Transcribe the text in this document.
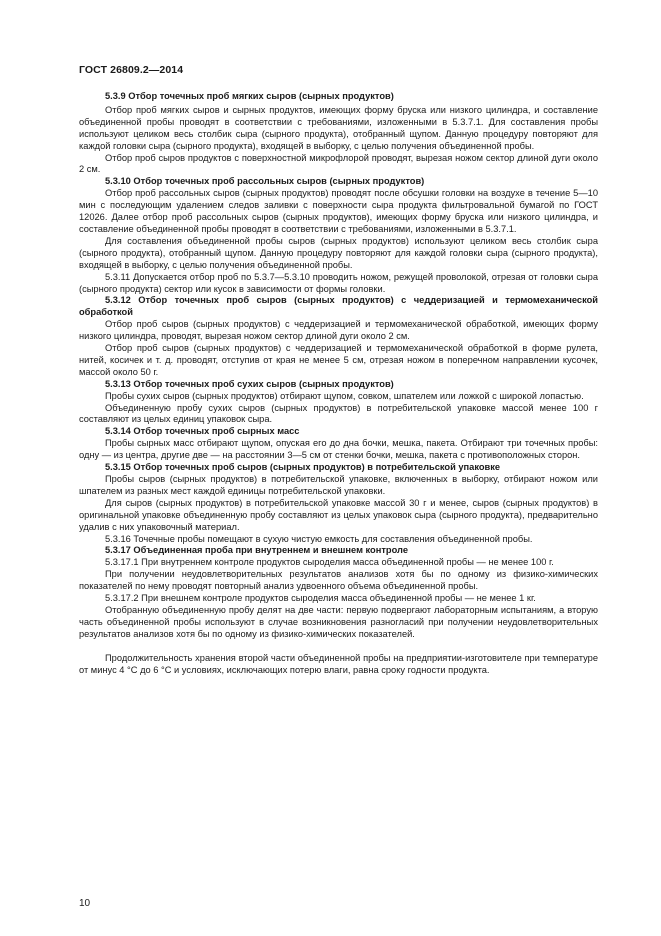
ГОСТ 26809.2—2014

5.3.9 Отбор точечных проб мягких сыров (сырных продуктов)

Отбор проб мягких сыров и сырных продуктов, имеющих форму бруска или низкого цилиндра, и составление объединенной пробы проводят в соответствии с требованиями, изложенными в 5.3.7.1. Для составления пробы используют целиком весь столбик сыра (сырного продукта), отобранный щупом. Данную процедуру повторяют для каждой головки сыра (сырного продукта), входящей в выборку, с целью получения объединенной пробы.

Отбор проб сыров продуктов с поверхностной микрофлорой проводят, вырезая ножом сектор длиной дуги около 2 см.

5.3.10 Отбор точечных проб рассольных сыров (сырных продуктов)

Отбор проб рассольных сыров (сырных продуктов) проводят после обсушки головки на воздухе в течение 5—10 мин с последующим удалением следов заливки с поверхности сыра продукта фильтровальной бумагой по ГОСТ 12026. Далее отбор проб рассольных сыров (сырных продуктов), имеющих форму бруска или низкого цилиндра, и составление объединенной пробы проводят в соответствии с требованиями, изложенными в 5.3.7.1.

Для составления объединенной пробы сыров (сырных продуктов) используют целиком весь столбик сыра (сырного продукта), отобранный щупом. Данную процедуру повторяют для каждой головки сыра (сырного продукта), входящей в выборку, с целью получения объединенной пробы.

5.3.11 Допускается отбор проб по 5.3.7—5.3.10 проводить ножом, режущей проволокой, отрезая от головки сыра (сырного продукта) сектор или кусок в зависимости от формы головки.

5.3.12 Отбор точечных проб сыров (сырных продуктов) с чеддеризацией и термомеханической обработкой

Отбор проб сыров (сырных продуктов) с чеддеризацией и термомеханической обработкой, имеющих форму низкого цилиндра, проводят, вырезая ножом сектор длиной дуги около 2 см.

Отбор проб сыров (сырных продуктов) с чеддеризацией и термомеханической обработкой в форме рулета, нитей, косичек и т. д. проводят, отступив от края не менее 5 см, отрезая ножом в поперечном направлении кусочек, массой около 50 г.

5.3.13 Отбор точечных проб сухих сыров (сырных продуктов)

Пробы сухих сыров (сырных продуктов) отбирают щупом, совком, шпателем или ложкой с широкой лопастью.

Объединенную пробу сухих сыров (сырных продуктов) в потребительской упаковке массой менее 100 г составляют из целых единиц упаковок сыра.

5.3.14 Отбор точечных проб сырных масс

Пробы сырных масс отбирают щупом, опуская его до дна бочки, мешка, пакета. Отбирают три точечных пробы: одну — из центра, другие две — на расстоянии 3—5 см от стенки бочки, мешка, пакета с противоположных сторон.

5.3.15 Отбор точечных проб сыров (сырных продуктов) в потребительской упаковке

Пробы сыров (сырных продуктов) в потребительской упаковке, включенных в выборку, отбирают ножом или шпателем из разных мест каждой единицы потребительской упаковки.

Для сыров (сырных продуктов) в потребительской упаковке массой 30 г и менее, сыров (сырных продуктов) в оригинальной упаковке объединенную пробу составляют из целых упаковок сыра (сырного продукта), предварительно удалив с них упаковочный материал.

5.3.16 Точечные пробы помещают в сухую чистую емкость для составления объединенной пробы.

5.3.17 Объединенная проба при внутреннем и внешнем контроле

5.3.17.1 При внутреннем контроле продуктов сыроделия масса объединенной пробы — не менее 100 г.

При получении неудовлетворительных результатов анализов хотя бы по одному из физико-химических показателей по нему проводят повторный анализ удвоенного объема объединенной пробы.

5.3.17.2 При внешнем контроле продуктов сыроделия масса объединенной пробы — не менее 1 кг.

Отобранную объединенную пробу делят на две части: первую подвергают лабораторным испытаниям, а вторую часть объединенной пробы используют в случае возникновения разногласий при получении неудовлетворительных результатов анализов хотя бы по одному из физико-химических показателей.

Продолжительность хранения второй части объединенной пробы на предприятии-изготовителе при температуре от минус 4 °С до 6 °С и условиях, исключающих потерю влаги, равна сроку годности продукта.

10
